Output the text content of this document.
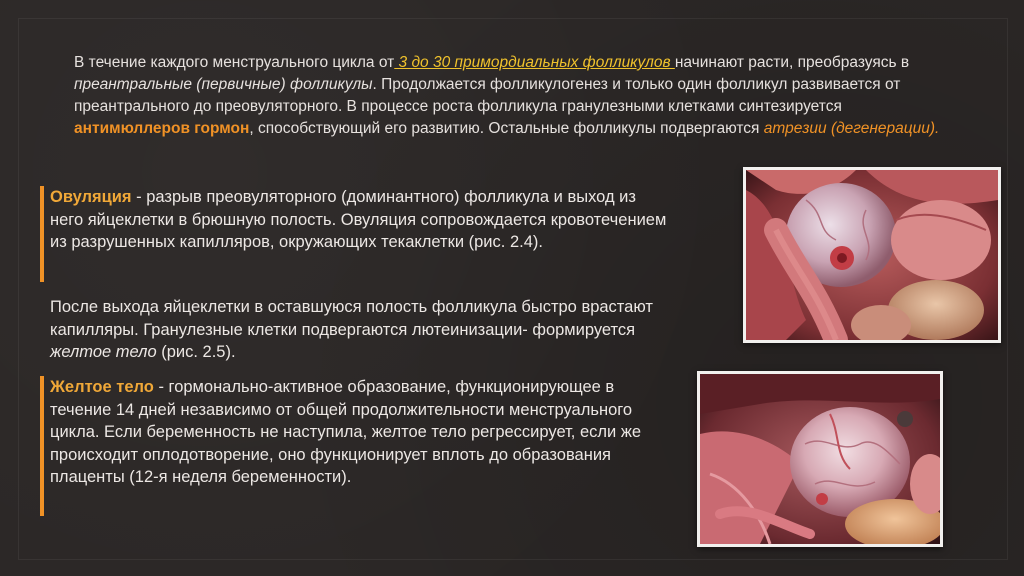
В течение каждого менструального цикла от 3 до 30 примордиальных фолликулов начинают расти, преобразуясь в преантральные (первичные) фолликулы. Продолжается фолликулогенез и только один фолликул развивается от преантрального до преовуляторного. В процессе роста фолликула гранулезными клетками синтезируется антимюллеров гормон, способствующий его развитию. Остальные фолликулы подвергаются атрезии (дегенерации).

Овуляция - разрыв преовуляторного (доминантного) фолликула и выход из него яйцеклетки в брюшную полость. Овуляция сопровождается кровотечением из разрушенных капилляров, окружающих текаклетки (рис. 2.4).

После выхода яйцеклетки в оставшуюся полость фолликула быстро врастают капилляры. Гранулезные клетки подвергаются лютеинизации- формируется желтое тело (рис. 2.5).

Желтое тело - гормонально-активное образование, функционирующее в течение 14 дней независимо от общей продолжительности менструального цикла. Если беременность не наступила, желтое тело регрессирует, если же происходит оплодотворение, оно функционирует вплоть до образования плаценты (12-я неделя беременности).
